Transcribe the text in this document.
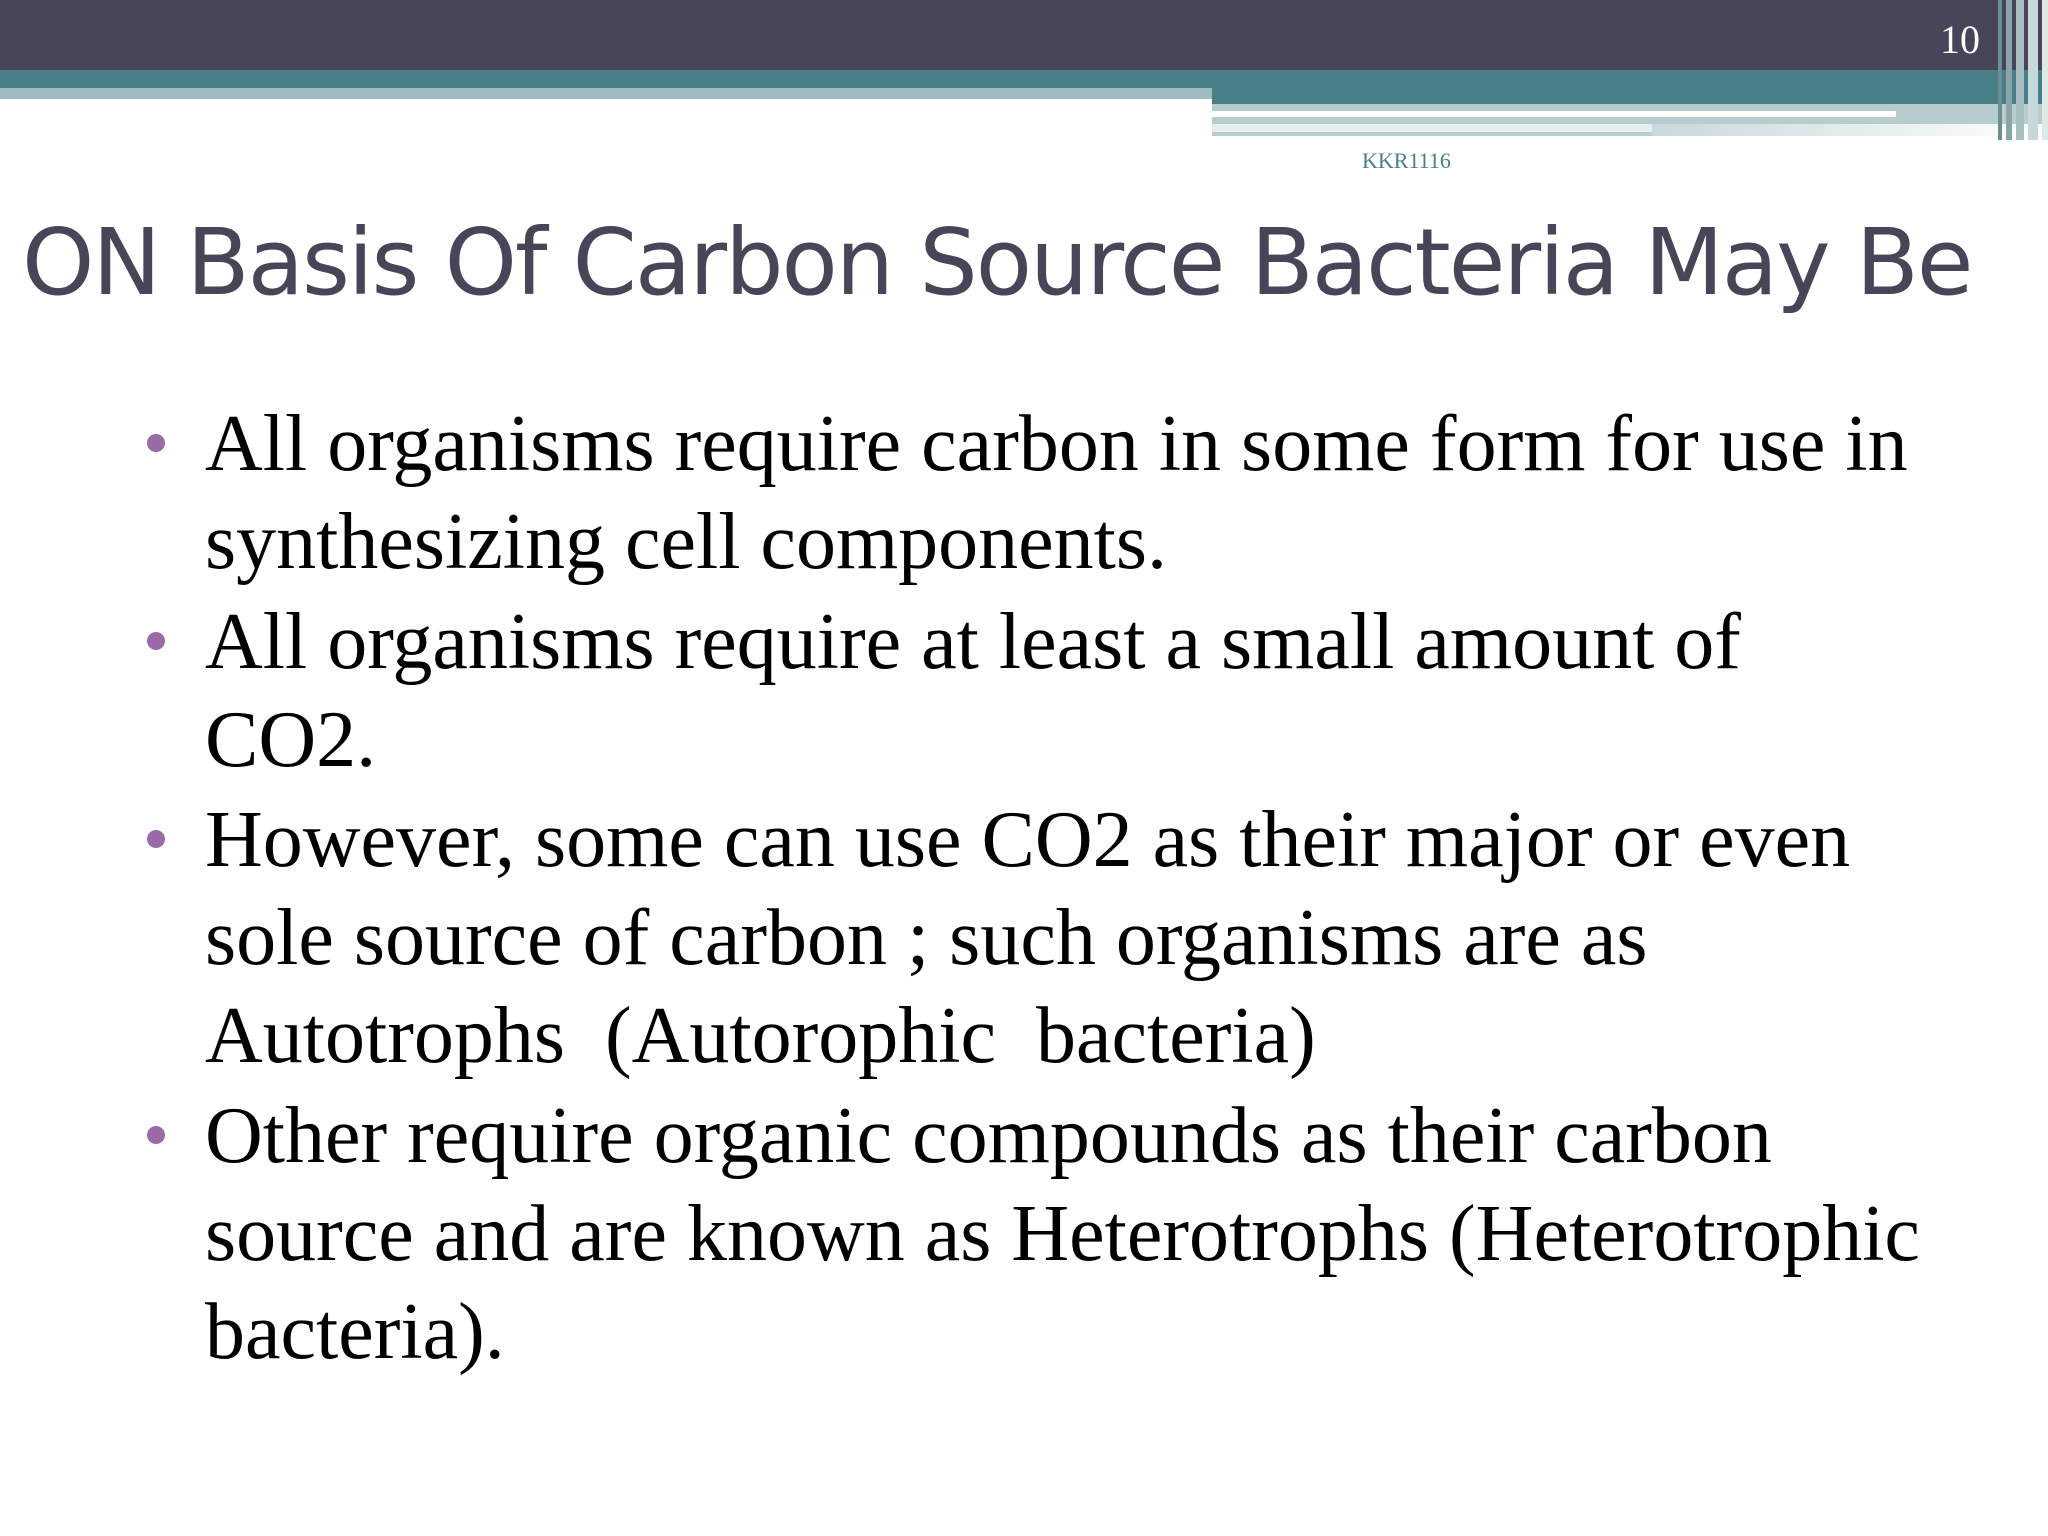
10
KKR1116
ON Basis Of Carbon Source Bacteria May Be
All organisms require carbon in some form for use in synthesizing cell components.
All organisms require at least a small amount of CO2.
However, some can use CO2 as their major or even sole source of carbon ; such organisms are as Autotrophs  (Autorophic  bacteria)
Other require organic compounds as their carbon source and are known as Heterotrophs (Heterotrophic bacteria).
